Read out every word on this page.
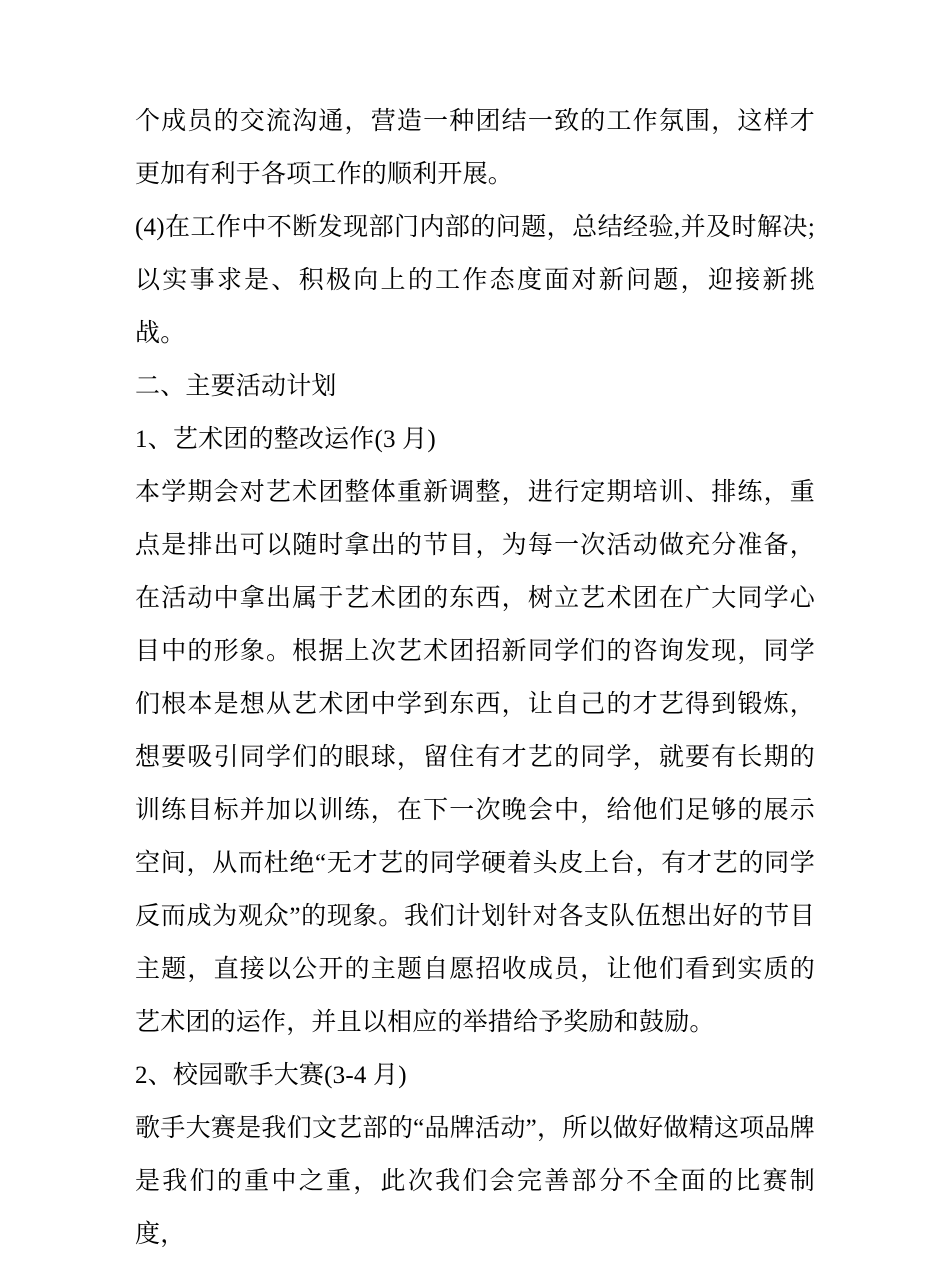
个成员的交流沟通，营造一种团结一致的工作氛围，这样才更加有利于各项工作的顺利开展。

(4)在工作中不断发现部门内部的问题，总结经验,并及时解决;以实事求是、积极向上的工作态度面对新问题，迎接新挑战。

二、主要活动计划

1、艺术团的整改运作(3 月)

本学期会对艺术团整体重新调整，进行定期培训、排练，重点是排出可以随时拿出的节目，为每一次活动做充分准备，在活动中拿出属于艺术团的东西，树立艺术团在广大同学心目中的形象。根据上次艺术团招新同学们的咨询发现，同学们根本是想从艺术团中学到东西，让自己的才艺得到锻炼，想要吸引同学们的眼球，留住有才艺的同学，就要有长期的训练目标并加以训练，在下一次晚会中，给他们足够的展示空间，从而杜绝“无才艺的同学硬着头皮上台，有才艺的同学反而成为观众”的现象。我们计划针对各支队伍想出好的节目主题，直接以公开的主题自愿招收成员，让他们看到实质的艺术团的运作，并且以相应的举措给予奖励和鼓励。

2、校园歌手大赛(3-4 月)

歌手大赛是我们文艺部的“品牌活动”，所以做好做精这项品牌是我们的重中之重，此次我们会完善部分不全面的比赛制度，
